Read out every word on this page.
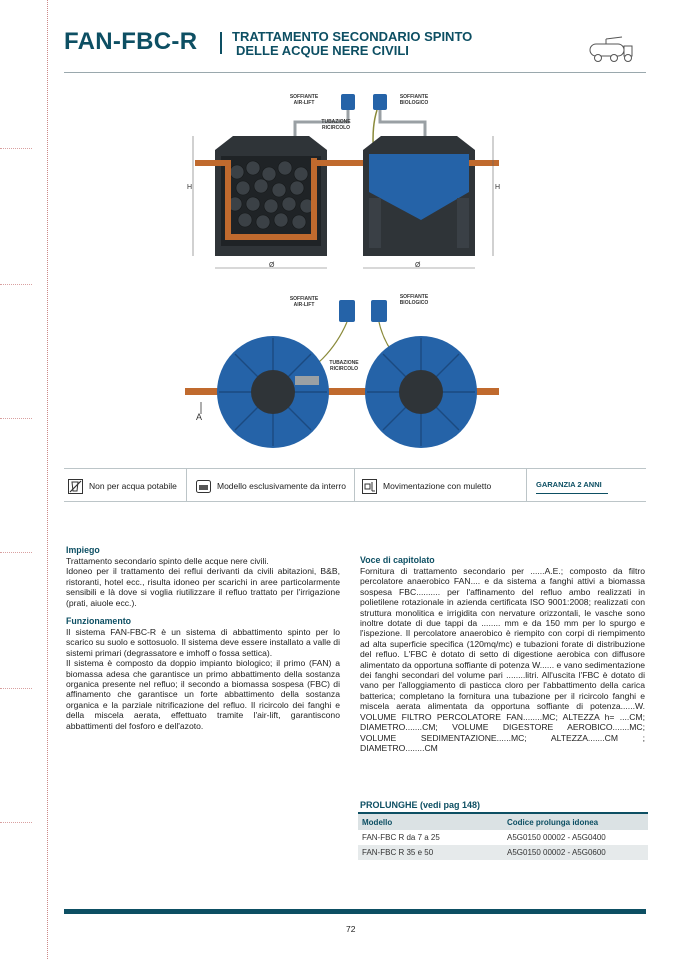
FAN-FBC-R	TRATTAMENTO SECONDARIO SPINTO
DELLE ACQUE NERE CIVILI
SOFFIANTE
AIR-LIFT
SOFFIANTE
BIOLOGICO
TUBAZIONE RICIRCOLO
H	H
Ø	Ø
SOFFIANTE
AIR-LIFT
SOFFIANTE
BIOLOGICO
TUBAZIONE RICIRCOLO
A
Non per acqua potabile	Modello esclusivamente da interro	Movimentazione con muletto	GARANZIA 2 ANNI
Impiego

Trattamento secondario spinto delle acque nere civili.
Idoneo per il trattamento dei reflui derivanti da civili abitazioni, B&B, ristoranti, hotel ecc., risulta idoneo per scarichi in aree particolarmente sensibili e là dove si voglia riutilizzare il refluo trattato per l'irrigazione (prati, aiuole ecc.).

Funzionamento

Il sistema FAN-FBC-R è un sistema di abbattimento spinto per lo scarico su suolo e sottosuolo. Il sistema deve essere installato a valle di sistemi primari (degrassatore e imhoff o fossa settica).

Il sistema è composto da doppio impianto biologico; il primo (FAN) a biomassa adesa che garantisce un primo abbattimento della sostanza organica presente nel refluo; il secondo a biomassa sospesa (FBC) di affinamento che garantisce un forte abbattimento della sostanza organica e la parziale nitrificazione del refluo. Il ricircolo dei fanghi e della miscela aerata, effettuato tramite l'air-lift, garantiscono abbattimenti del fosforo e dell'azoto.

Voce di capitolato

Fornitura di trattamento secondario per ......A.E.; composto da filtro percolatore anaerobico FAN.... e da sistema a fanghi attivi a biomassa sospesa FBC.......... per l'affinamento del refluo ambo realizzati in polietilene rotazionale in azienda certificata ISO 9001:2008; realizzati con struttura monolitica e irrigidita con nervature orizzontali, le vasche sono inoltre dotate di due tappi da ........ mm e da 150 mm per lo spurgo e l'ispezione. Il percolatore anaerobico è riempito con corpi di riempimento ad alta superficie specifica (120mq/mc) e tubazioni forate di distribuzione del refluo. L'FBC è dotato di setto di digestione aerobica con diffusore alimentato da opportuna soffiante di potenza W...... e vano sedimentazione dei fanghi secondari del volume pari ........litri. All'uscita l'FBC è dotato di vano per l'alloggiamento di pasticca cloro per l'abbattimento della carica batterica; completano la fornitura una tubazione per il ricircolo fanghi e miscela aerata alimentata da opportuna soffiante di potenza......W. VOLUME FILTRO PERCOLATORE FAN........MC; ALTEZZA h= ....CM; DIAMETRO.......CM; VOLUME DIGESTORE AEROBICO.......MC; VOLUME SEDIMENTAZIONE......MC; ALTEZZA.......CM ; DIAMETRO........CM

PROLUNGHE (vedi pag 148)
Modello	Codice prolunga idonea
FAN-FBC R da 7 a 25	A5G0150 00002 - A5G0400
FAN-FBC R 35 e 50	A5G0150 00002 - A5G0600
72
